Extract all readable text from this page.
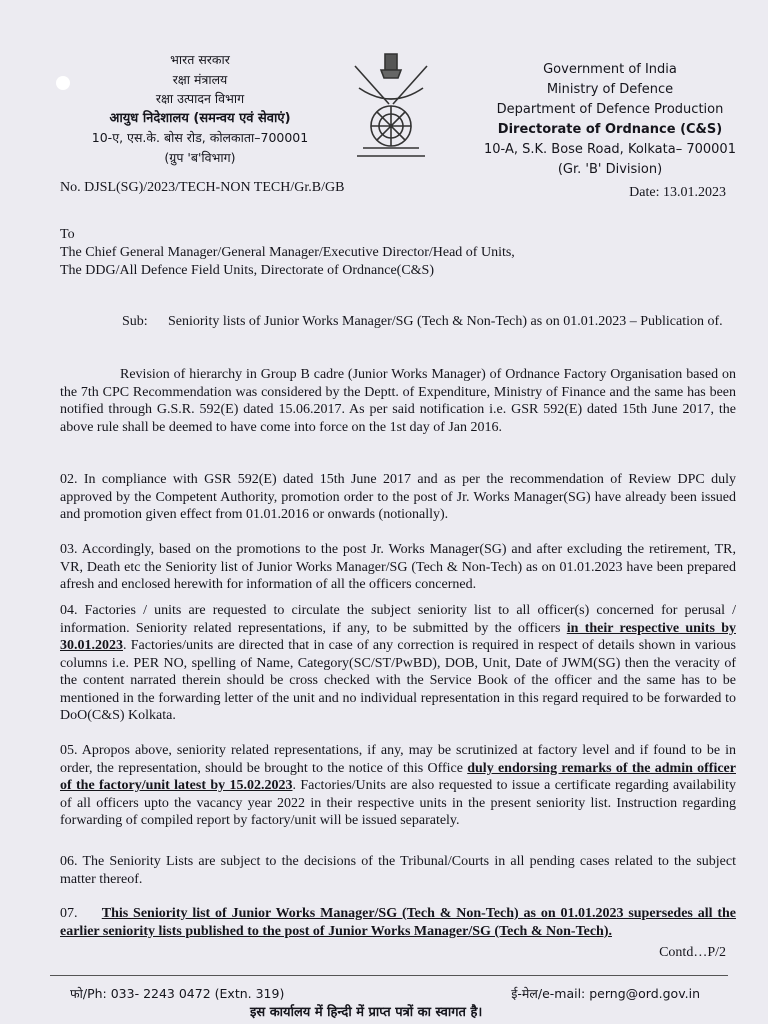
भारत सरकार
रक्षा मंत्रालय
रक्षा उत्पादन विभाग
आयुध निदेशालय (समन्वय एवं सेवाएं)
10-ए, एस.के. बोस रोड, कोलकाता–700001
(ग्रुप 'ब'विभाग)
Government of India
Ministry of Defence
Department of Defence Production
Directorate of Ordnance (C&S)
10-A, S.K. Bose Road, Kolkata– 700001
(Gr. 'B' Division)
No. DJSL(SG)/2023/TECH-NON TECH/Gr.B/GB	Date: 13.01.2023
To
The Chief General Manager/General Manager/Executive Director/Head of Units,
The DDG/All Defence Field Units, Directorate of Ordnance(C&S)
Sub:	Seniority lists of Junior Works Manager/SG (Tech & Non-Tech) as on 01.01.2023 – Publication of.
Revision of hierarchy in Group B cadre (Junior Works Manager) of Ordnance Factory Organisation based on the 7th CPC Recommendation was considered by the Deptt. of Expenditure, Ministry of Finance and the same has been notified through G.S.R. 592(E) dated 15.06.2017. As per said notification i.e. GSR 592(E) dated 15th June 2017, the above rule shall be deemed to have come into force on the 1st day of Jan 2016.
02. In compliance with GSR 592(E) dated 15th June 2017 and as per the recommendation of Review DPC duly approved by the Competent Authority, promotion order to the post of Jr. Works Manager(SG) have already been issued and promotion given effect from 01.01.2016 or onwards (notionally).
03. Accordingly, based on the promotions to the post Jr. Works Manager(SG) and after excluding the retirement, TR, VR, Death etc the Seniority list of Junior Works Manager/SG (Tech & Non-Tech) as on 01.01.2023 have been prepared afresh and enclosed herewith for information of all the officers concerned.
04. Factories / units are requested to circulate the subject seniority list to all officer(s) concerned for perusal / information. Seniority related representations, if any, to be submitted by the officers in their respective units by 30.01.2023. Factories/units are directed that in case of any correction is required in respect of details shown in various columns i.e. PER NO, spelling of Name, Category(SC/ST/PwBD), DOB, Unit, Date of JWM(SG) then the veracity of the content narrated therein should be cross checked with the Service Book of the officer and the same has to be mentioned in the forwarding letter of the unit and no individual representation in this regard required to be forwarded to DoO(C&S) Kolkata.
05. Apropos above, seniority related representations, if any, may be scrutinized at factory level and if found to be in order, the representation, should be brought to the notice of this Office duly endorsing remarks of the admin officer of the factory/unit latest by 15.02.2023. Factories/Units are also requested to issue a certificate regarding availability of all officers upto the vacancy year 2022 in their respective units in the present seniority list. Instruction regarding forwarding of compiled report by factory/unit will be issued separately.
06. The Seniority Lists are subject to the decisions of the Tribunal/Courts in all pending cases related to the subject matter thereof.
07.     This Seniority list of Junior Works Manager/SG (Tech & Non-Tech) as on 01.01.2023 supersedes all the earlier seniority lists published to the post of Junior Works Manager/SG (Tech & Non-Tech).
Contd…P/2
फो/Ph: 033- 2243 0472 (Extn. 319)	ई-मेल/e-mail: perng@ord.gov.in
इस कार्यालय में हिन्दी में प्राप्त पत्रों का स्वागत है।
